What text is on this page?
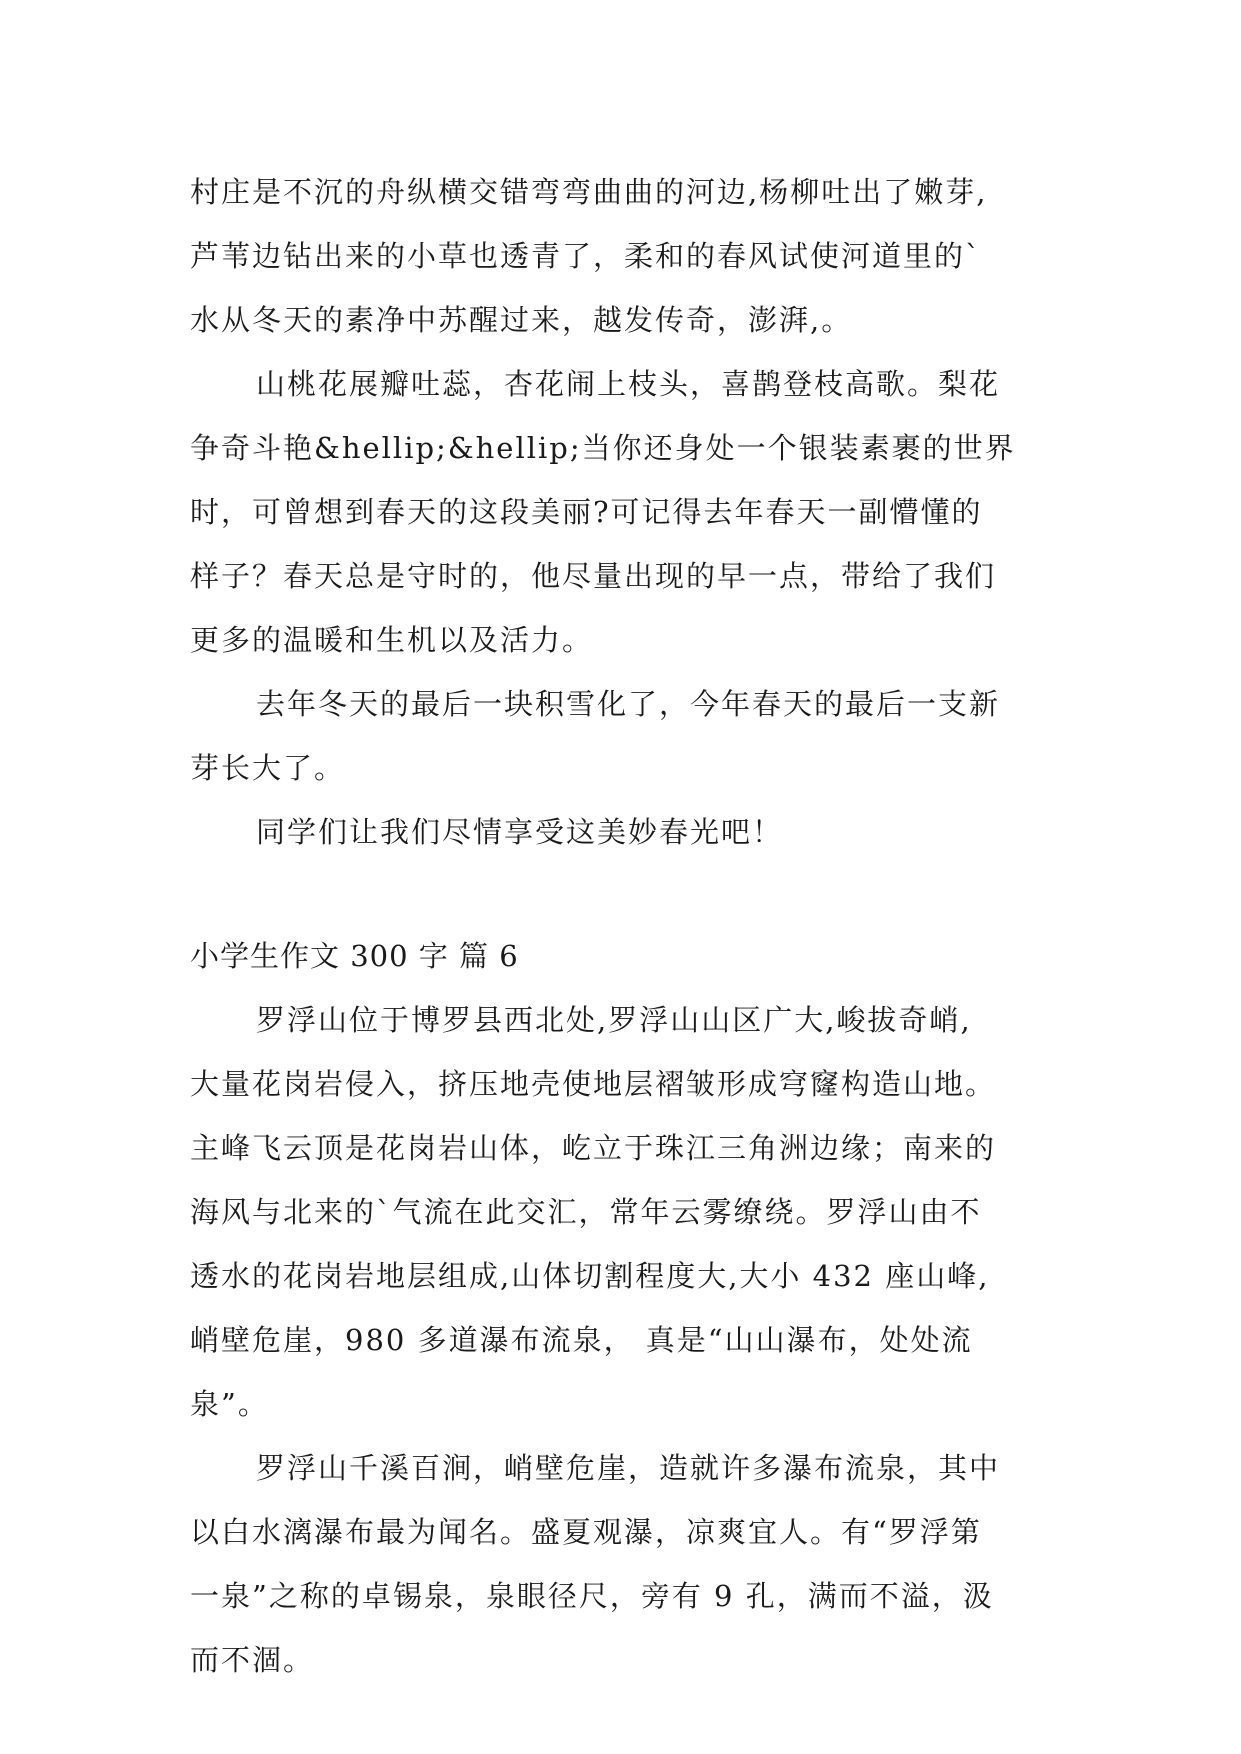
村庄是不沉的舟纵横交错弯弯曲曲的河边,杨柳吐出了嫩芽,
芦苇边钻出来的小草也透青了，柔和的春风试使河道里的`
水从冬天的素净中苏醒过来，越发传奇，澎湃,。
山桃花展瓣吐蕊，杏花闹上枝头，喜鹊登枝高歌。梨花
争奇斗艳&hellip;&hellip;当你还身处一个银装素裹的世界
时，可曾想到春天的这段美丽?可记得去年春天一副懵懂的
样子？春天总是守时的，他尽量出现的早一点，带给了我们
更多的温暖和生机以及活力。
去年冬天的最后一块积雪化了，今年春天的最后一支新
芽长大了。
同学们让我们尽情享受这美妙春光吧！
小学生作文 300 字 篇 6
罗浮山位于博罗县西北处,罗浮山山区广大,峻拔奇峭,
大量花岗岩侵入，挤压地壳使地层褶皱形成穹窿构造山地。
主峰飞云顶是花岗岩山体，屹立于珠江三角洲边缘；南来的
海风与北来的`气流在此交汇，常年云雾缭绕。罗浮山由不
透水的花岗岩地层组成,山体切割程度大,大小 432 座山峰,
峭壁危崖，980 多道瀑布流泉， 真是“山山瀑布，处处流
泉”。
罗浮山千溪百涧，峭壁危崖，造就许多瀑布流泉，其中
以白水漓瀑布最为闻名。盛夏观瀑，凉爽宜人。有“罗浮第
一泉”之称的卓锡泉，泉眼径尺，旁有 9 孔，满而不溢，汲
而不涸。
